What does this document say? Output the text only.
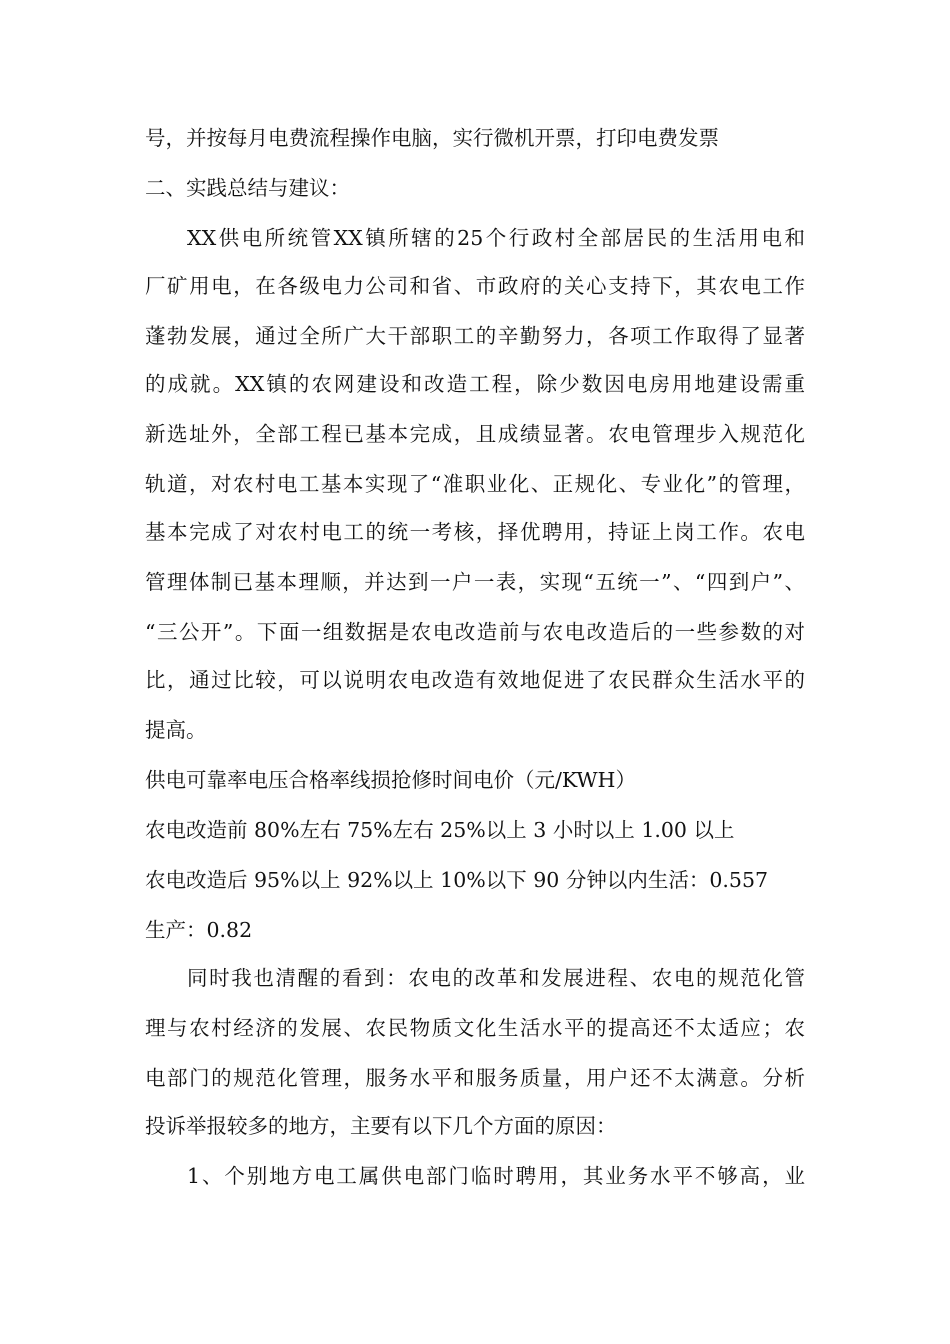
号，并按每月电费流程操作电脑，实行微机开票，打印电费发票
二、实践总结与建议：
XX供电所统管XX镇所辖的25个行政村全部居民的生活用电和
厂矿用电，在各级电力公司和省、市政府的关心支持下，其农电工作
蓬勃发展，通过全所广大干部职工的辛勤努力，各项工作取得了显著
的成就。XX镇的农网建设和改造工程，除少数因电房用地建设需重
新选址外，全部工程已基本完成，且成绩显著。农电管理步入规范化
轨道，对农村电工基本实现了“准职业化、正规化、专业化”的管理，
基本完成了对农村电工的统一考核，择优聘用，持证上岗工作。农电
管理体制已基本理顺，并达到一户一表，实现“五统一”、“四到户”、
“三公开”。下面一组数据是农电改造前与农电改造后的一些参数的对
比，通过比较，可以说明农电改造有效地促进了农民群众生活水平的
提高。
供电可靠率电压合格率线损抢修时间电价（元/KWH）
农电改造前 80%左右 75%左右 25%以上 3 小时以上 1.00 以上
农电改造后 95%以上 92%以上 10%以下 90 分钟以内生活：0.557
生产：0.82
同时我也清醒的看到：农电的改革和发展进程、农电的规范化管
理与农村经济的发展、农民物质文化生活水平的提高还不太适应；农
电部门的规范化管理，服务水平和服务质量，用户还不太满意。分析
投诉举报较多的地方，主要有以下几个方面的原因：
1、个别地方电工属供电部门临时聘用，其业务水平不够高，业
